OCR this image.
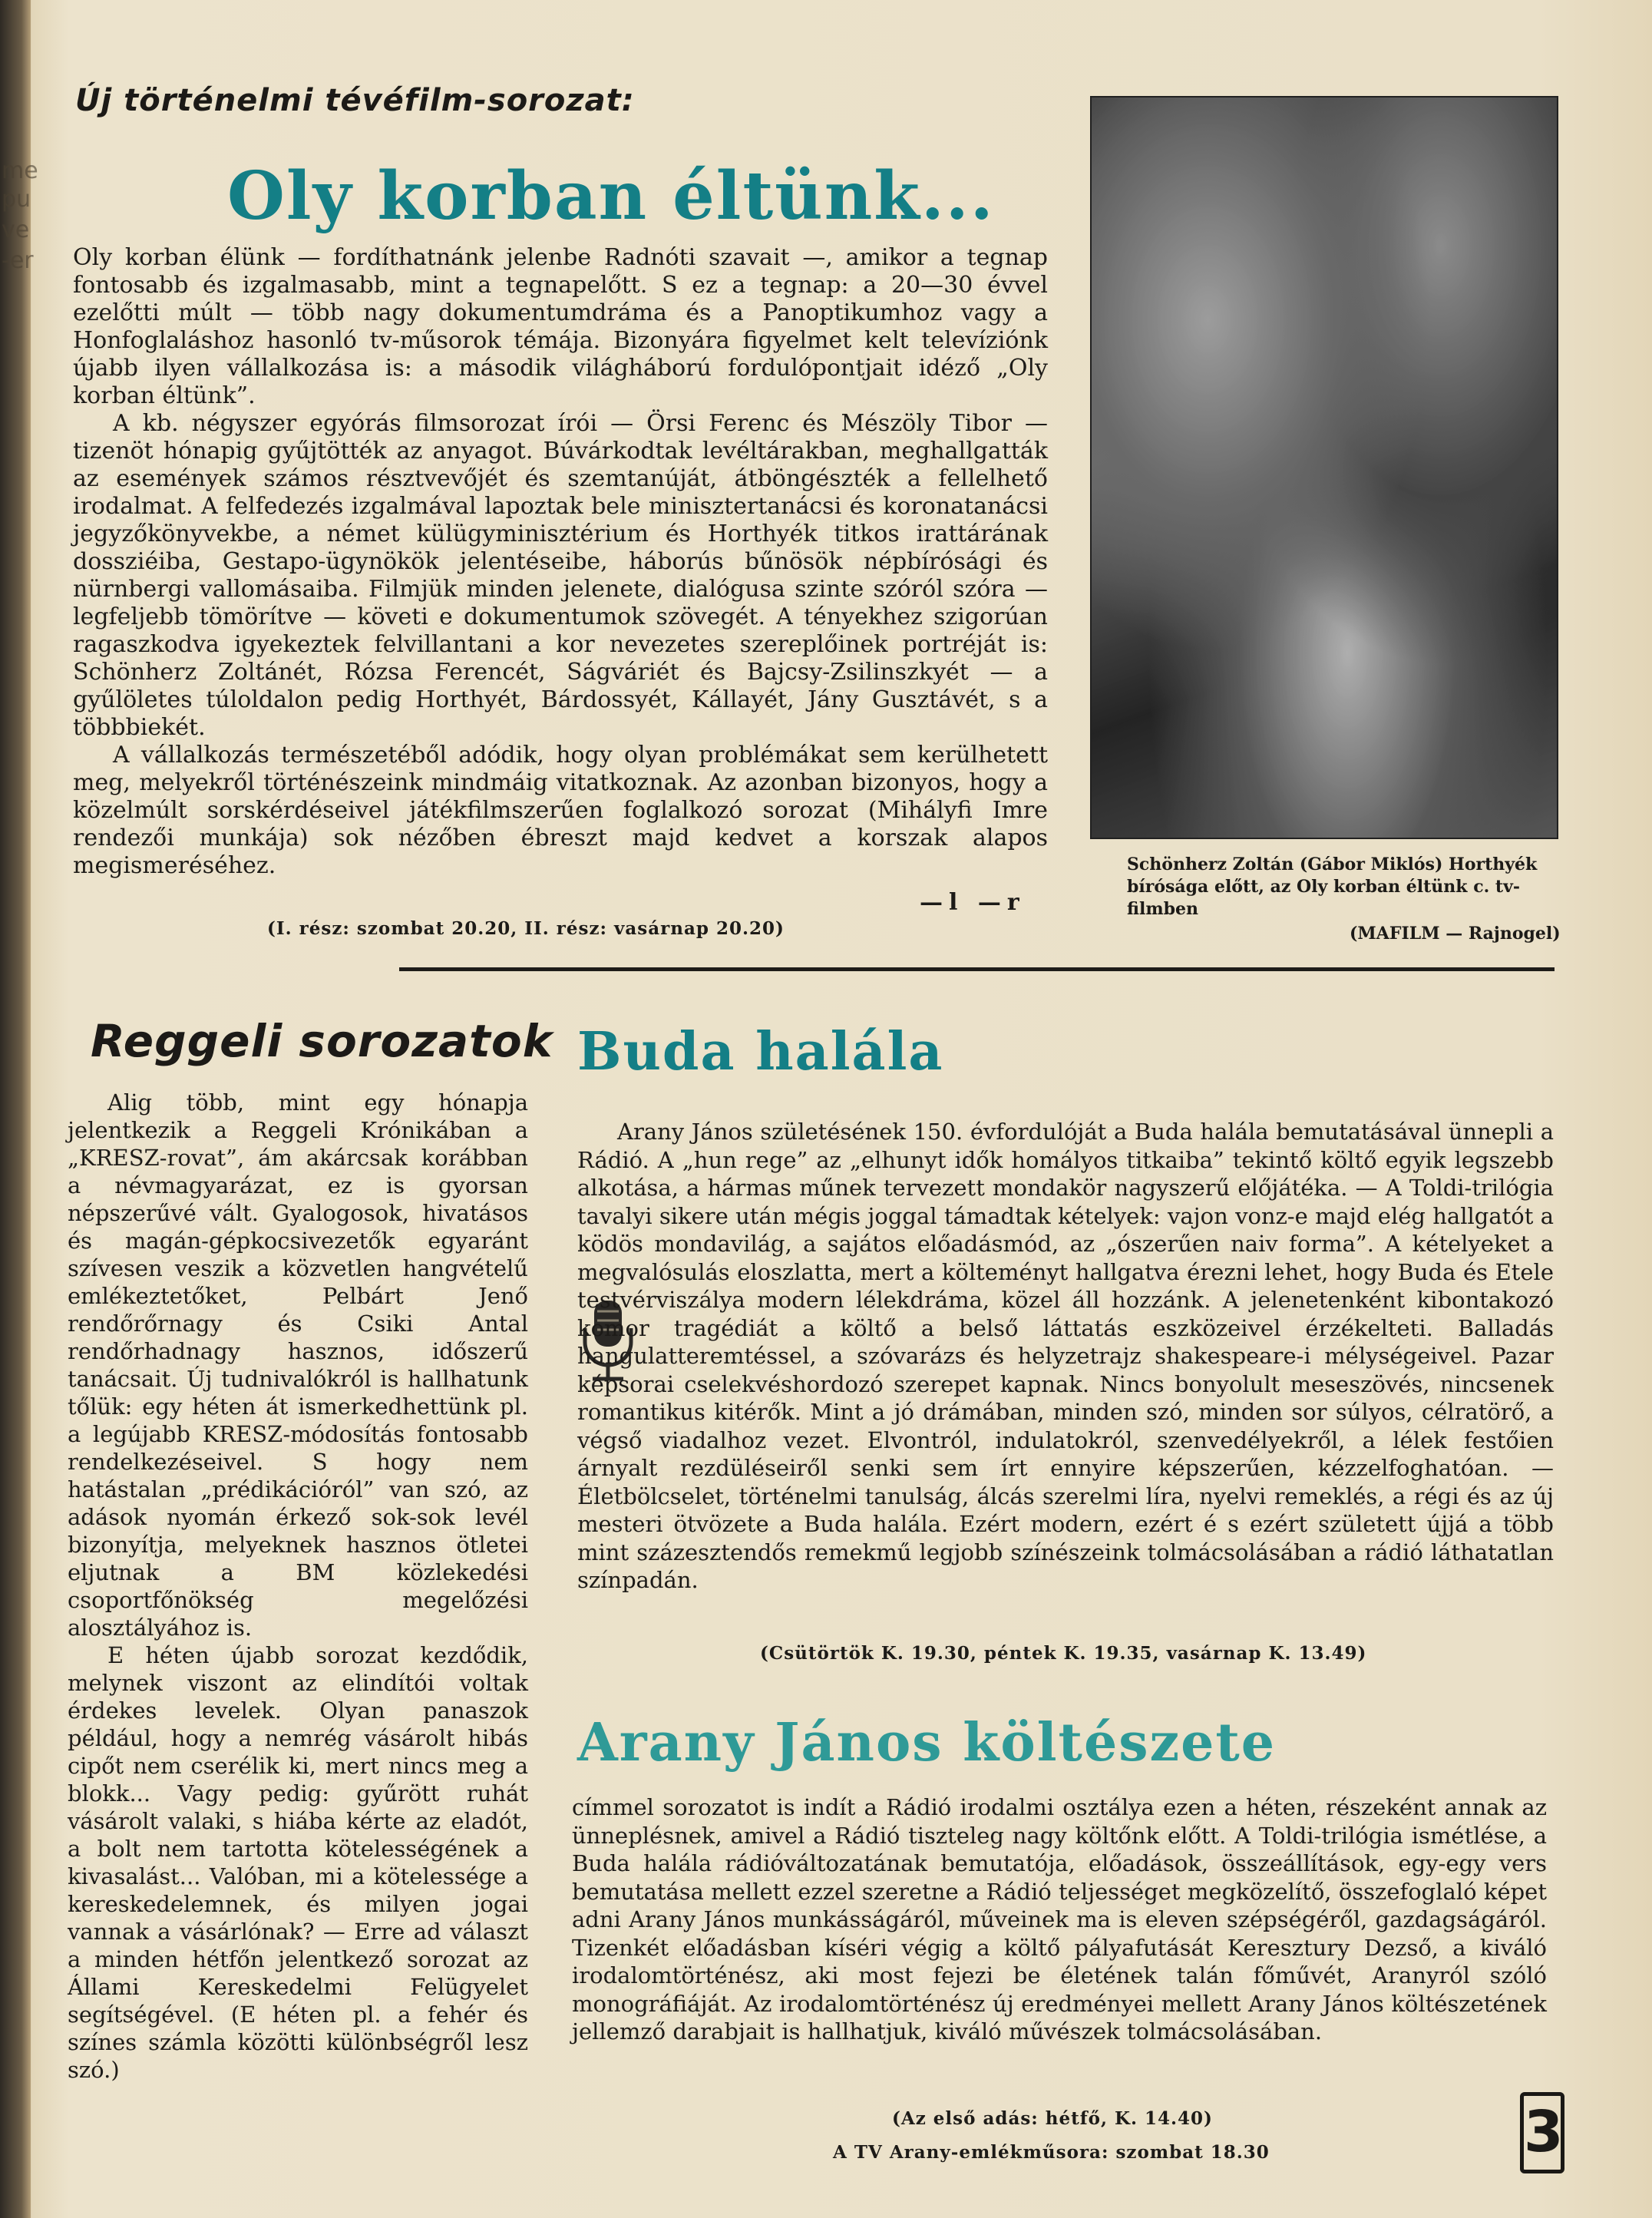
me
pu
ve
-er
Új történelmi tévéfilm-sorozat:
Oly korban éltünk...

Oly korban élünk — fordíthatnánk jelenbe Radnóti szavait —, amikor a tegnap fontosabb és izgalmasabb, mint a tegnapelőtt. S ez a tegnap: a 20—30 évvel ezelőtti múlt — több nagy dokumentumdráma és a Panoptikumhoz vagy a Honfoglaláshoz hasonló tv-műsorok témája. Bizonyára figyelmet kelt televíziónk újabb ilyen vállalkozása is: a második világháború fordulópontjait idéző „Oly korban éltünk”.

A kb. négyszer egyórás filmsorozat írói — Örsi Ferenc és Mészöly Tibor — tizenöt hónapig gyűjtötték az anyagot. Búvárkodtak levéltárakban, meghallgatták az események számos résztvevőjét és szemtanúját, átböngészték a fellelhető irodalmat. A felfedezés izgalmával lapoztak bele minisztertanácsi és koronatanácsi jegyzőkönyvekbe, a német külügyminisztérium és Horthyék titkos irattárának dossziéiba, Gestapo-ügynökök jelentéseibe, háborús bűnösök népbírósági és nürnbergi vallomásaiba. Filmjük minden jelenete, dialógusa szinte szóról szóra — legfeljebb tömörítve — követi e dokumentumok szövegét. A tényekhez szigorúan ragaszkodva igyekeztek felvillantani a kor nevezetes szereplőinek portréját is: Schönherz Zoltánét, Rózsa Ferencét, Ságváriét és Bajcsy-Zsilinszkyét — a gyűlöletes túloldalon pedig Horthyét, Bárdossyét, Kállayét, Jány Gusztávét, s a többbiekét.

A vállalkozás természetéből adódik, hogy olyan problémákat sem kerülhetett meg, melyekről történészeink mindmáig vitatkoznak. Az azonban bizonyos, hogy a közelmúlt sorskérdéseivel játékfilmszerűen foglalkozó sorozat (Mihályfi Imre rendezői munkája) sok nézőben ébreszt majd kedvet a korszak alapos megismeréséhez.

—l —r
(I. rész: szombat 20.20, II. rész: vasárnap 20.20)
Schönherz Zoltán (Gábor Miklós) Horthyék bírósága előtt, az Oly korban éltünk c. tv-filmben
(MAFILM — Rajnogel)
Reggeli sorozatok

Alig több, mint egy hónapja jelentkezik a Reggeli Krónikában a „KRESZ-rovat”, ám akárcsak korábban a névmagyarázat, ez is gyorsan népszerűvé vált. Gyalogosok, hivatásos és magán-gépkocsivezetők egyaránt szívesen veszik a közvetlen hangvételű emlékeztetőket, Pelbárt Jenő rendőrőrnagy és Csiki Antal rendőrhadnagy hasznos, időszerű tanácsait. Új tudnivalókról is hallhatunk tőlük: egy héten át ismerkedhettünk pl. a legújabb KRESZ-módosítás fontosabb rendelkezéseivel. S hogy nem hatástalan „prédikációról” van szó, az adások nyomán érkező sok-sok levél bizonyítja, melyeknek hasznos ötletei eljutnak a BM közlekedési csoportfőnökség megelőzési alosztályához is.

E héten újabb sorozat kezdődik, melynek viszont az elindítói voltak érdekes levelek. Olyan panaszok például, hogy a nemrég vásárolt hibás cipőt nem cserélik ki, mert nincs meg a blokk... Vagy pedig: gyűrött ruhát vásárolt valaki, s hiába kérte az eladót, a bolt nem tartotta kötelességének a kivasalást... Valóban, mi a kötelessége a kereskedelemnek, és milyen jogai vannak a vásárlónak? — Erre ad választ a minden hétfőn jelentkező sorozat az Állami Kereskedelmi Felügyelet segítségével. (E héten pl. a fehér és színes számla közötti különbségről lesz szó.)

Buda halála

Arany János születésének 150. évfordulóját a Buda halála bemutatásával ünnepli a Rádió. A „hun rege” az „elhunyt idők homályos titkaiba” tekintő költő egyik legszebb alkotása, a hármas műnek tervezett mondakör nagyszerű előjátéka. — A Toldi-trilógia tavalyi sikere után mégis joggal támadtak kételyek: vajon vonz-e majd elég hallgatót a ködös mondavilág, a sajátos előadásmód, az „ószerűen naiv forma”. A kételyeket a megvalósulás eloszlatta, mert a költeményt hallgatva érezni lehet, hogy Buda és Etele testvérviszálya modern lélekdráma, közel áll hozzánk. A jelenetenként kibontakozó komor tragédiát a költő a belső láttatás eszközeivel érzékelteti. Balladás hangulatteremtéssel, a szóvarázs és helyzetrajz shakespeare-i mélységeivel. Pazar képsorai cselekvéshordozó szerepet kapnak. Nincs bonyolult meseszövés, nincsenek romantikus kitérők. Mint a jó drámában, minden szó, minden sor súlyos, célratörő, a végső viadalhoz vezet. Elvontról, indulatokról, szenvedélyekről, a lélek festőien árnyalt rezdüléseiről senki sem írt ennyire képszerűen, kézzelfoghatóan. — Életbölcselet, történelmi tanulság, álcás szerelmi líra, nyelvi remeklés, a régi és az új mesteri ötvözete a Buda halála. Ezért modern, ezért é s ezért született újjá a több mint százesztendős remekmű legjobb színészeink tolmácsolásában a rádió láthatatlan színpadán.

(Csütörtök K. 19.30, péntek K. 19.35, vasárnap K. 13.49)
Arany János költészete

címmel sorozatot is indít a Rádió irodalmi osztálya ezen a héten, részeként annak az ünneplésnek, amivel a Rádió tiszteleg nagy költőnk előtt. A Toldi-trilógia ismétlése, a Buda halála rádióváltozatának bemutatója, előadások, összeállítások, egy-egy vers bemutatása mellett ezzel szeretne a Rádió teljességet megközelítő, összefoglaló képet adni Arany János munkásságáról, műveinek ma is eleven szépségéről, gazdagságáról. Tizenkét előadásban kíséri végig a költő pályafutását Keresztury Dezső, a kiváló irodalomtörténész, aki most fejezi be életének talán főművét, Aranyról szóló monográfiáját. Az irodalomtörténész új eredményei mellett Arany János költészetének jellemző darabjait is hallhatjuk, kiváló művészek tolmácsolásában.

(Az első adás: hétfő, K. 14.40)
A TV Arany-emlékműsora: szombat 18.30	3
